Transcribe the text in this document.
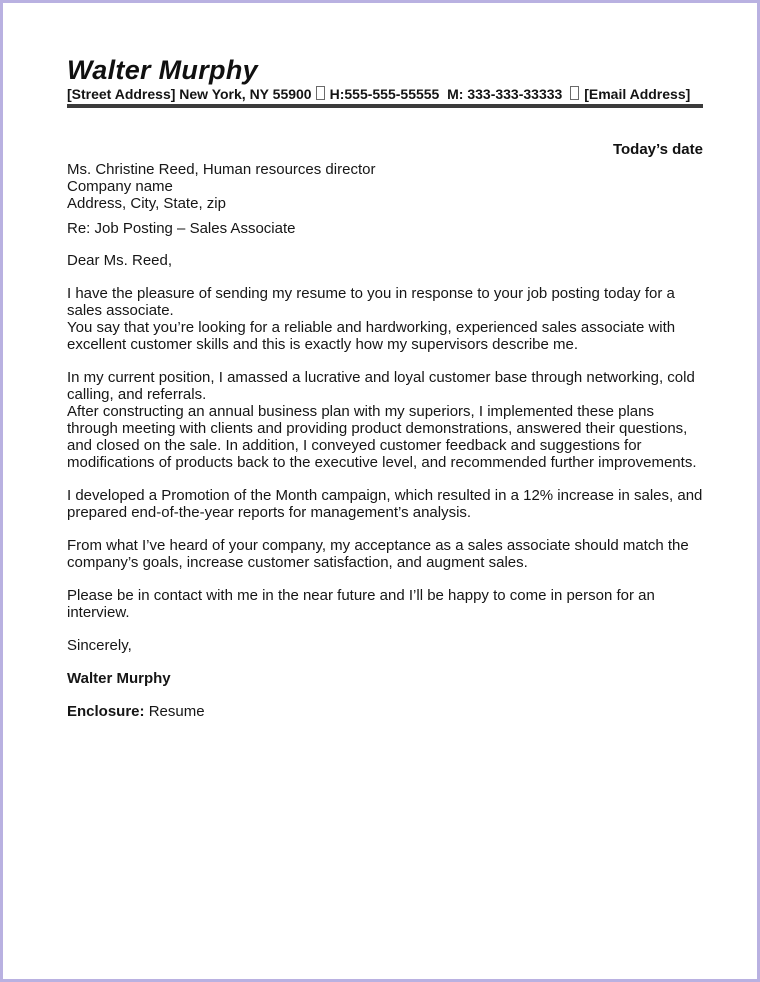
Walter Murphy
[Street Address] New York, NY 55900 H:555-555-55555 M: 333-333-33333 [Email Address]
Today’s date

Ms. Christine Reed, Human resources director

Company name

Address, City, State, zip

Re: Job Posting – Sales Associate

Dear Ms. Reed,

I have the pleasure of sending my resume to you in response to your job posting today for a sales associate.

You say that you’re looking for a reliable and hardworking, experienced sales associate with excellent customer skills and this is exactly how my supervisors describe me.

In my current position, I amassed a lucrative and loyal customer base through networking, cold calling, and referrals.

After constructing an annual business plan with my superiors, I implemented these plans through meeting with clients and providing product demonstrations, answered their questions, and closed on the sale. In addition, I conveyed customer feedback and suggestions for modifications of products back to the executive level, and recommended further improvements.

I developed a Promotion of the Month campaign, which resulted in a 12% increase in sales, and prepared end-of-the-year reports for management’s analysis.

From what I’ve heard of your company, my acceptance as a sales associate should match the company’s goals, increase customer satisfaction, and augment sales.

Please be in contact with me in the near future and I’ll be happy to come in person for an interview.

Sincerely,

Walter Murphy

Enclosure: Resume
